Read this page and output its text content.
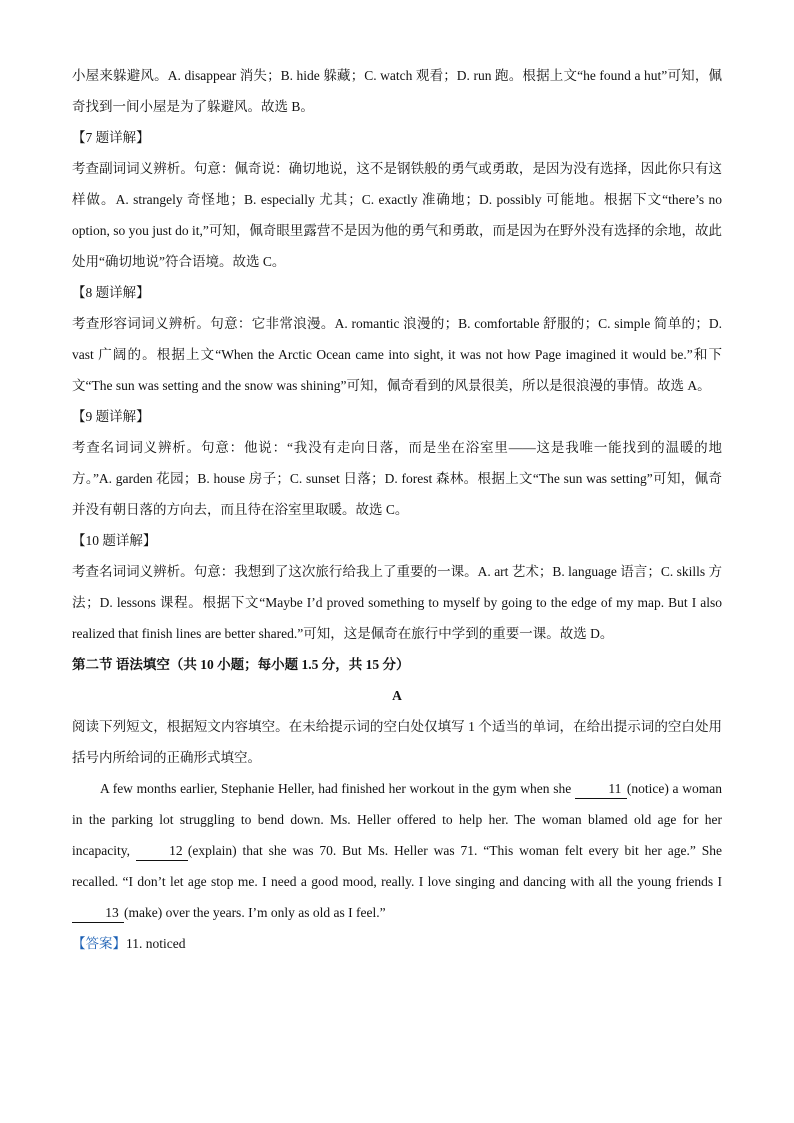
小屋来躲避风。A. disappear 消失；B. hide 躲藏；C. watch 观看；D. run 跑。根据上文“he found a hut”可知，佩奇找到一间小屋是为了躲避风。故选 B。

【7 题详解】

考查副词词义辨析。句意：佩奇说：确切地说，这不是钢铁般的勇气或勇敢，是因为没有选择，因此你只有这样做。A. strangely 奇怪地；B. especially 尤其；C. exactly 准确地；D. possibly 可能地。根据下文“there’s no option, so you just do it,”可知，佩奇眼里露营不是因为他的勇气和勇敢，而是因为在野外没有选择的余地，故此处用“确切地说”符合语境。故选 C。

【8 题详解】

考查形容词词义辨析。句意：它非常浪漫。A. romantic 浪漫的；B. comfortable 舒服的；C. simple 简单的；D. vast 广阔的。根据上文“When the Arctic Ocean came into sight, it was not how Page imagined it would be.”和下文“The sun was setting and the snow was shining”可知，佩奇看到的风景很美，所以是很浪漫的事情。故选 A。

【9 题详解】

考查名词词义辨析。句意：他说：“我没有走向日落，而是坐在浴室里——这是我唯一能找到的温暖的地方。”A. garden 花园；B. house 房子；C. sunset 日落；D. forest 森林。根据上文“The sun was setting”可知，佩奇并没有朝日落的方向去，而且待在浴室里取暖。故选 C。

【10 题详解】

考查名词词义辨析。句意：我想到了这次旅行给我上了重要的一课。A. art 艺术；B. language 语言；C. skills 方法；D. lessons 课程。根据下文“Maybe I’d proved something to myself by going to the edge of my map. But I also realized that finish lines are better shared.”可知，这是佩奇在旅行中学到的重要一课。故选 D。

第二节 语法填空（共 10 小题；每小题 1.5 分，共 15 分）

A

阅读下列短文，根据短文内容填空。在未给提示词的空白处仅填写 1 个适当的单词，在给出提示词的空白处用括号内所给词的正确形式填空。

A few months earlier, Stephanie Heller, had finished her workout in the gym when she 11 (notice) a woman in the parking lot struggling to bend down. Ms. Heller offered to help her. The woman blamed old age for her incapacity, 12 (explain) that she was 70. But Ms. Heller was 71. “This woman felt every bit her age.” She recalled. “I don’t let age stop me. I need a good mood, really. I love singing and dancing with all the young friends I 13 (make) over the years. I’m only as old as I feel.”

【答案】11. noticed
